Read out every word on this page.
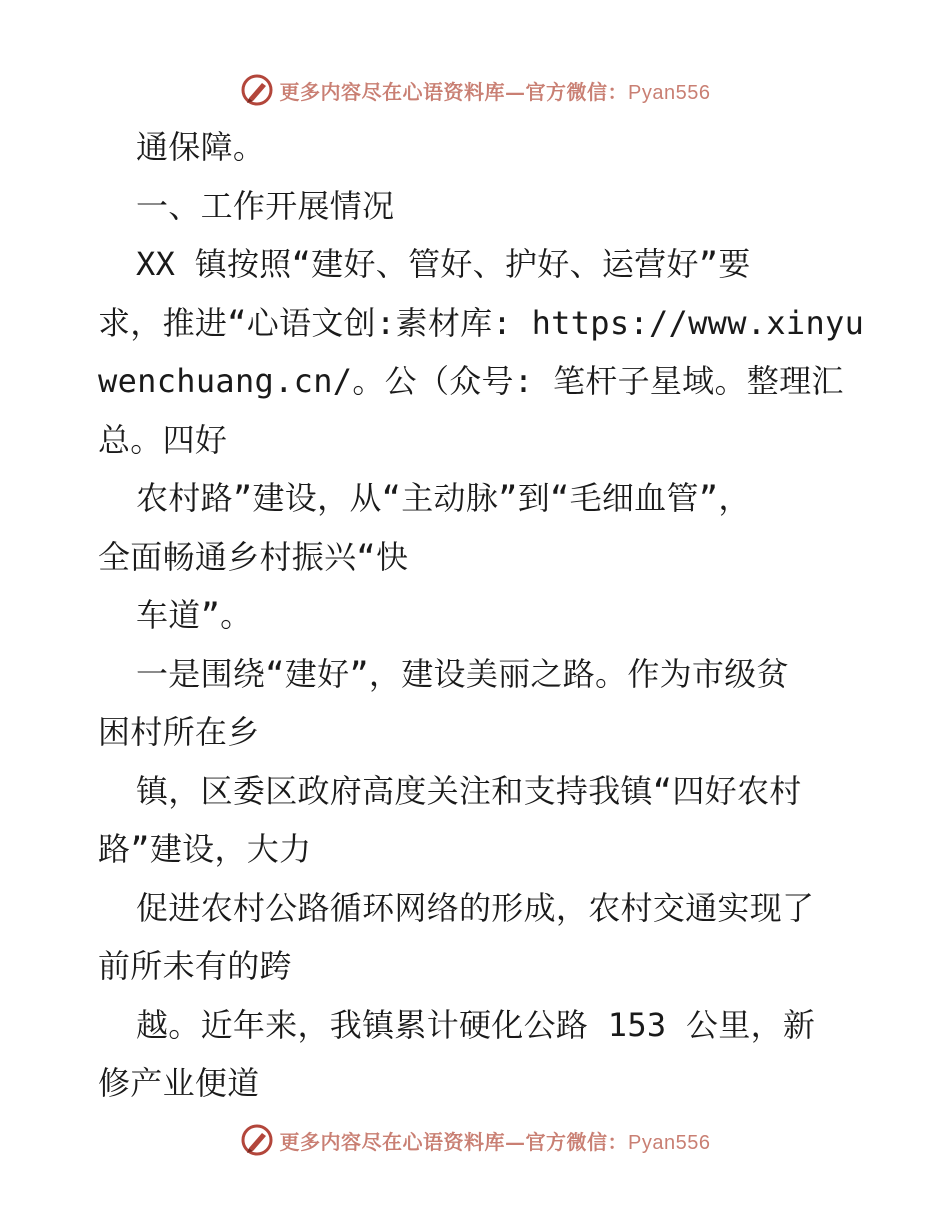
更多内容尽在心语资料库—官方微信：Pyan556
通保障。
一、工作开展情况
XX 镇按照“建好、管好、护好、运营好”要
求，推进“心语文创:素材库: https://www.xinyu
wenchuang.cn/。公（众号: 笔杆子星域。整理汇
总。四好
农村路”建设，从“主动脉”到“毛细血管”，
全面畅通乡村振兴“快
车道”。
一是围绕“建好”，建设美丽之路。作为市级贫
困村所在乡
镇，区委区政府高度关注和支持我镇“四好农村
路”建设，大力
促进农村公路循环网络的形成，农村交通实现了
前所未有的跨
越。近年来，我镇累计硬化公路 153 公里，新
修产业便道
更多内容尽在心语资料库—官方微信：Pyan556
